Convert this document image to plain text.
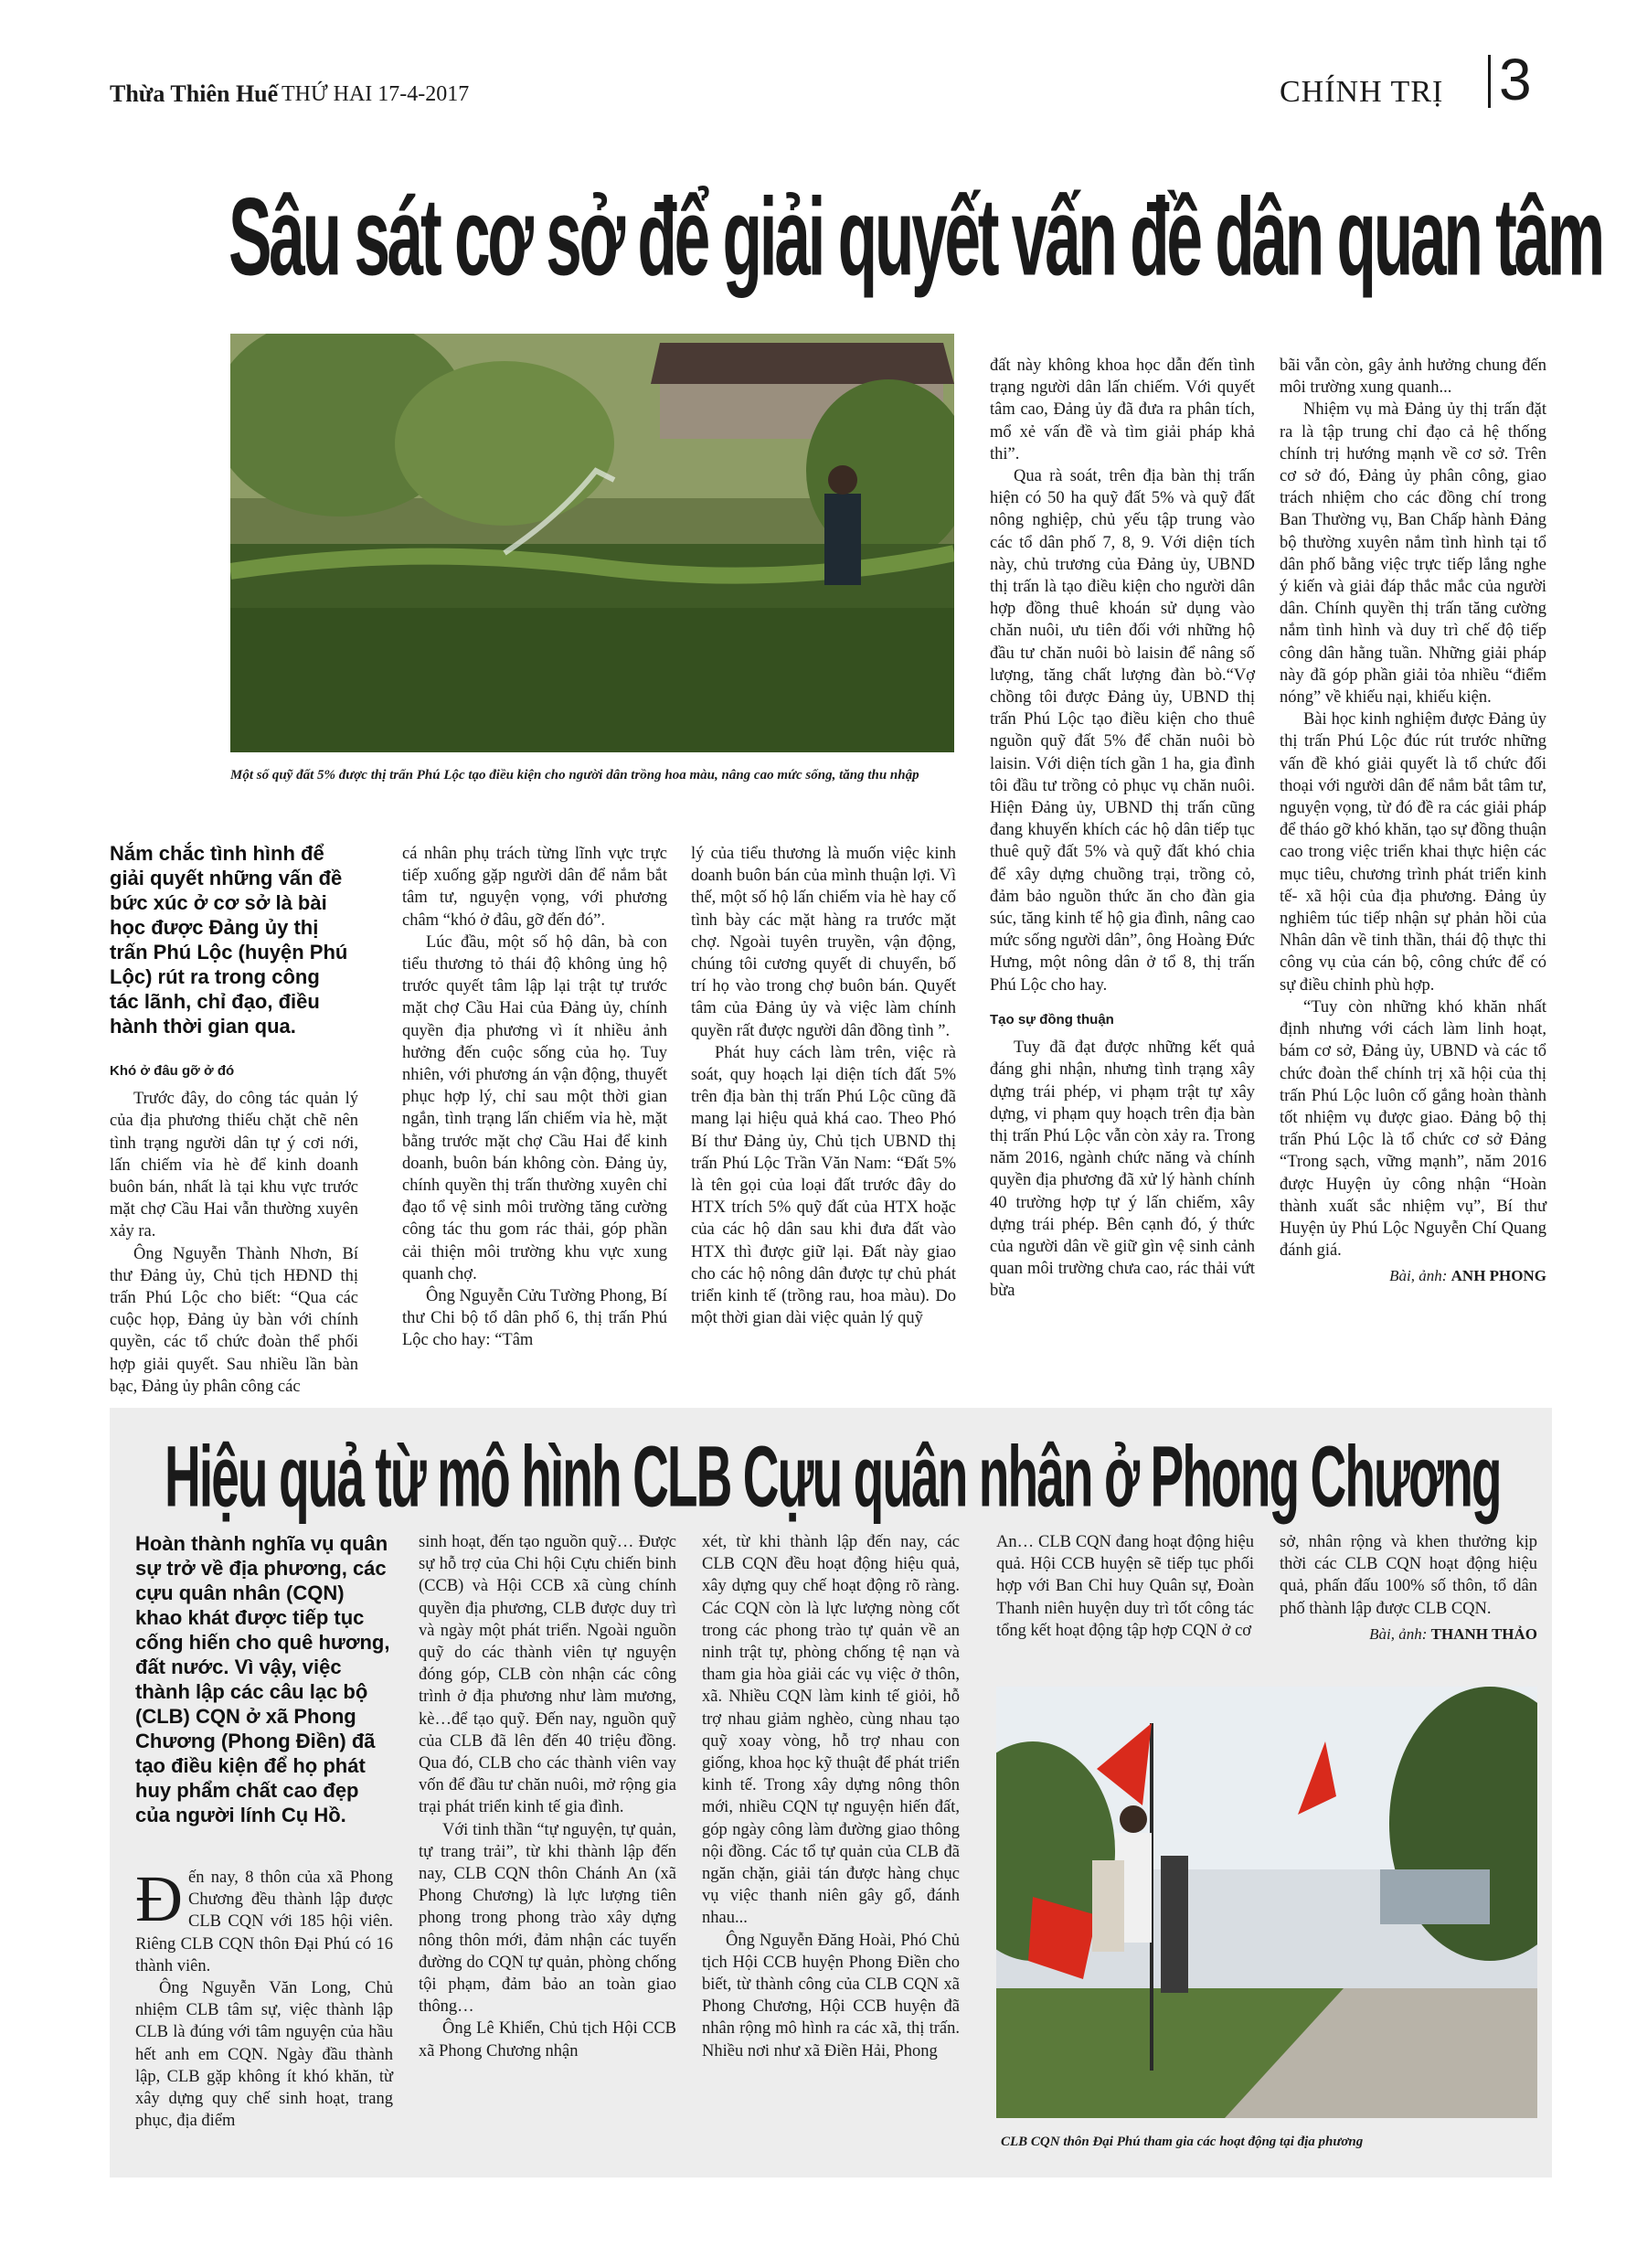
Thừa Thiên Huế THỨ HAI 17-4-2017	CHÍNH TRỊ 3
Sâu sát cơ sở để giải quyết vấn đề dân quan tâm
Một số quỹ đất 5% được thị trấn Phú Lộc tạo điều kiện cho người dân trồng hoa màu, nâng cao mức sống, tăng thu nhập
Nắm chắc tình hình để giải quyết những vấn đề bức xúc ở cơ sở là bài học được Đảng ủy thị trấn Phú Lộc (huyện Phú Lộc) rút ra trong công tác lãnh, chỉ đạo, điều hành thời gian qua.
Khó ở đâu gỡ ở đó

Trước đây, do công tác quản lý của địa phương thiếu chặt chẽ nên tình trạng người dân tự ý cơi nới, lấn chiếm vỉa hè để kinh doanh buôn bán, nhất là tại khu vực trước mặt chợ Cầu Hai vẫn thường xuyên xảy ra.

Ông Nguyễn Thành Nhơn, Bí thư Đảng ủy, Chủ tịch HĐND thị trấn Phú Lộc cho biết: “Qua các cuộc họp, Đảng ủy bàn với chính quyền, các tổ chức đoàn thể phối hợp giải quyết. Sau nhiều lần bàn bạc, Đảng ủy phân công các

cá nhân phụ trách từng lĩnh vực trực tiếp xuống gặp người dân để nắm bắt tâm tư, nguyện vọng, với phương châm “khó ở đâu, gỡ đến đó”.

Lúc đầu, một số hộ dân, bà con tiểu thương tỏ thái độ không ủng hộ trước quyết tâm lập lại trật tự trước mặt chợ Cầu Hai của Đảng ủy, chính quyền địa phương vì ít nhiều ảnh hưởng đến cuộc sống của họ. Tuy nhiên, với phương án vận động, thuyết phục hợp lý, chỉ sau một thời gian ngắn, tình trạng lấn chiếm vỉa hè, mặt bằng trước mặt chợ Cầu Hai để kinh doanh, buôn bán không còn. Đảng ủy, chính quyền thị trấn thường xuyên chỉ đạo tổ vệ sinh môi trường tăng cường công tác thu gom rác thải, góp phần cải thiện môi trường khu vực xung quanh chợ.

Ông Nguyễn Cửu Tường Phong, Bí thư Chi bộ tổ dân phố 6, thị trấn Phú Lộc cho hay: “Tâm

lý của tiểu thương là muốn việc kinh doanh buôn bán của mình thuận lợi. Vì thế, một số hộ lấn chiếm vỉa hè hay cố tình bày các mặt hàng ra trước mặt chợ. Ngoài tuyên truyền, vận động, chúng tôi cương quyết di chuyển, bố trí họ vào trong chợ buôn bán. Quyết tâm của Đảng ủy và việc làm chính quyền rất được người dân đồng tình ”.

Phát huy cách làm trên, việc rà soát, quy hoạch lại diện tích đất 5% trên địa bàn thị trấn Phú Lộc cũng đã mang lại hiệu quả khá cao. Theo Phó Bí thư Đảng ủy, Chủ tịch UBND thị trấn Phú Lộc Trần Văn Nam: “Đất 5% là tên gọi của loại đất trước đây do HTX trích 5% quỹ đất của HTX hoặc của các hộ dân sau khi đưa đất vào HTX thì được giữ lại. Đất này giao cho các hộ nông dân được tự chủ phát triển kinh tế (trồng rau, hoa màu). Do một thời gian dài việc quản lý quỹ

đất này không khoa học dẫn đến tình trạng người dân lấn chiếm. Với quyết tâm cao, Đảng ủy đã đưa ra phân tích, mổ xẻ vấn đề và tìm giải pháp khả thi”.

Qua rà soát, trên địa bàn thị trấn hiện có 50 ha quỹ đất 5% và quỹ đất nông nghiệp, chủ yếu tập trung vào các tổ dân phố 7, 8, 9. Với diện tích này, chủ trương của Đảng ủy, UBND thị trấn là tạo điều kiện cho người dân hợp đồng thuê khoán sử dụng vào chăn nuôi, ưu tiên đối với những hộ đầu tư chăn nuôi bò laisin để nâng số lượng, tăng chất lượng đàn bò.“Vợ chồng tôi được Đảng ủy, UBND thị trấn Phú Lộc tạo điều kiện cho thuê nguồn quỹ đất 5% để chăn nuôi bò laisin. Với diện tích gần 1 ha, gia đình tôi đầu tư trồng cỏ phục vụ chăn nuôi. Hiện Đảng ủy, UBND thị trấn cũng đang khuyến khích các hộ dân tiếp tục thuê quỹ đất 5% và quỹ đất khó chia để xây dựng chuồng trại, trồng cỏ, đảm bảo nguồn thức ăn cho đàn gia súc, tăng kinh tế hộ gia đình, nâng cao mức sống người dân”, ông Hoàng Đức Hưng, một nông dân ở tổ 8, thị trấn Phú Lộc cho hay.

Tạo sự đồng thuận

Tuy đã đạt được những kết quả đáng ghi nhận, nhưng tình trạng xây dựng trái phép, vi phạm trật tự xây dựng, vi phạm quy hoạch trên địa bàn thị trấn Phú Lộc vẫn còn xảy ra. Trong năm 2016, ngành chức năng và chính quyền địa phương đã xử lý hành chính 40 trường hợp tự ý lấn chiếm, xây dựng trái phép. Bên cạnh đó, ý thức của người dân về giữ gìn vệ sinh cảnh quan môi trường chưa cao, rác thải vứt bừa

bãi vẫn còn, gây ảnh hưởng chung đến môi trường xung quanh...

Nhiệm vụ mà Đảng ủy thị trấn đặt ra là tập trung chỉ đạo cả hệ thống chính trị hướng mạnh về cơ sở. Trên cơ sở đó, Đảng ủy phân công, giao trách nhiệm cho các đồng chí trong Ban Thường vụ, Ban Chấp hành Đảng bộ thường xuyên nắm tình hình tại tổ dân phố bằng việc trực tiếp lắng nghe ý kiến và giải đáp thắc mắc của người dân. Chính quyền thị trấn tăng cường nắm tình hình và duy trì chế độ tiếp công dân hằng tuần. Những giải pháp này đã góp phần giải tỏa nhiều “điểm nóng” về khiếu nại, khiếu kiện.

Bài học kinh nghiệm được Đảng ủy thị trấn Phú Lộc đúc rút trước những vấn đề khó giải quyết là tổ chức đối thoại với người dân để nắm bắt tâm tư, nguyện vọng, từ đó đề ra các giải pháp để tháo gỡ khó khăn, tạo sự đồng thuận cao trong việc triển khai thực hiện các mục tiêu, chương trình phát triển kinh tế- xã hội của địa phương. Đảng ủy nghiêm túc tiếp nhận sự phản hồi của Nhân dân về tinh thần, thái độ thực thi công vụ của cán bộ, công chức để có sự điều chỉnh phù hợp.

“Tuy còn những khó khăn nhất định nhưng với cách làm linh hoạt, bám cơ sở, Đảng ủy, UBND và các tổ chức đoàn thể chính trị xã hội của thị trấn Phú Lộc luôn cố gắng hoàn thành tốt nhiệm vụ được giao. Đảng bộ thị trấn Phú Lộc là tổ chức cơ sở Đảng “Trong sạch, vững mạnh”, năm 2016 được Huyện ủy công nhận “Hoàn thành xuất sắc nhiệm vụ”, Bí thư Huyện ủy Phú Lộc Nguyễn Chí Quang đánh giá.

Bài, ảnh: ANH PHONG
Hiệu quả từ mô hình CLB Cựu quân nhân ở Phong Chương
Hoàn thành nghĩa vụ quân sự trở về địa phương, các cựu quân nhân (CQN) khao khát được tiếp tục cống hiến cho quê hương, đất nước. Vì vậy, việc thành lập các câu lạc bộ (CLB) CQN ở xã Phong Chương (Phong Điền) đã tạo điều kiện để họ phát huy phẩm chất cao đẹp của người lính Cụ Hồ.

Đến nay, 8 thôn của xã Phong Chương đều thành lập được CLB CQN với 185 hội viên. Riêng CLB CQN thôn Đại Phú có 16 thành viên.

Ông Nguyễn Văn Long, Chủ nhiệm CLB tâm sự, việc thành lập CLB là đúng với tâm nguyện của hầu hết anh em CQN. Ngày đầu thành lập, CLB gặp không ít khó khăn, từ xây dựng quy chế sinh hoạt, trang phục, địa điểm

sinh hoạt, đến tạo nguồn quỹ… Được sự hỗ trợ của Chi hội Cựu chiến binh (CCB) và Hội CCB xã cùng chính quyền địa phương, CLB được duy trì và ngày một phát triển. Ngoài nguồn quỹ do các thành viên tự nguyện đóng góp, CLB còn nhận các công trình ở địa phương như làm mương, kè…để tạo quỹ. Đến nay, nguồn quỹ của CLB đã lên đến 40 triệu đồng. Qua đó, CLB cho các thành viên vay vốn để đầu tư chăn nuôi, mở rộng gia trại phát triển kinh tế gia đình.

Với tinh thần “tự nguyện, tự quản, tự trang trải”, từ khi thành lập đến nay, CLB CQN thôn Chánh An (xã Phong Chương) là lực lượng tiên phong trong phong trào xây dựng nông thôn mới, đảm nhận các tuyến đường do CQN tự quản, phòng chống tội phạm, đảm bảo an toàn giao thông…

Ông Lê Khiển, Chủ tịch Hội CCB xã Phong Chương nhận

xét, từ khi thành lập đến nay, các CLB CQN đều hoạt động hiệu quả, xây dựng quy chế hoạt động rõ ràng. Các CQN còn là lực lượng nòng cốt trong các phong trào tự quản về an ninh trật tự, phòng chống tệ nạn và tham gia hòa giải các vụ việc ở thôn, xã. Nhiều CQN làm kinh tế giỏi, hỗ trợ nhau giảm nghèo, cùng nhau tạo quỹ xoay vòng, hỗ trợ nhau con giống, khoa học kỹ thuật để phát triển kinh tế. Trong xây dựng nông thôn mới, nhiều CQN tự nguyện hiến đất, góp ngày công làm đường giao thông nội đồng. Các tổ tự quản của CLB đã ngăn chặn, giải tán được hàng chục vụ việc thanh niên gây gổ, đánh nhau...

Ông Nguyễn Đăng Hoài, Phó Chủ tịch Hội CCB huyện Phong Điền cho biết, từ thành công của CLB CQN xã Phong Chương, Hội CCB huyện đã nhân rộng mô hình ra các xã, thị trấn. Nhiều nơi như xã Điền Hải, Phong

An… CLB CQN đang hoạt động hiệu quả. Hội CCB huyện sẽ tiếp tục phối hợp với Ban Chỉ huy Quân sự, Đoàn Thanh niên huyện duy trì tốt công tác tổng kết hoạt động tập hợp CQN ở cơ

sở, nhân rộng và khen thưởng kịp thời các CLB CQN hoạt động hiệu quả, phấn đấu 100% số thôn, tổ dân phố thành lập được CLB CQN.

Bài, ảnh: THANH THẢO
CLB CQN thôn Đại Phú tham gia các hoạt động tại địa phương
